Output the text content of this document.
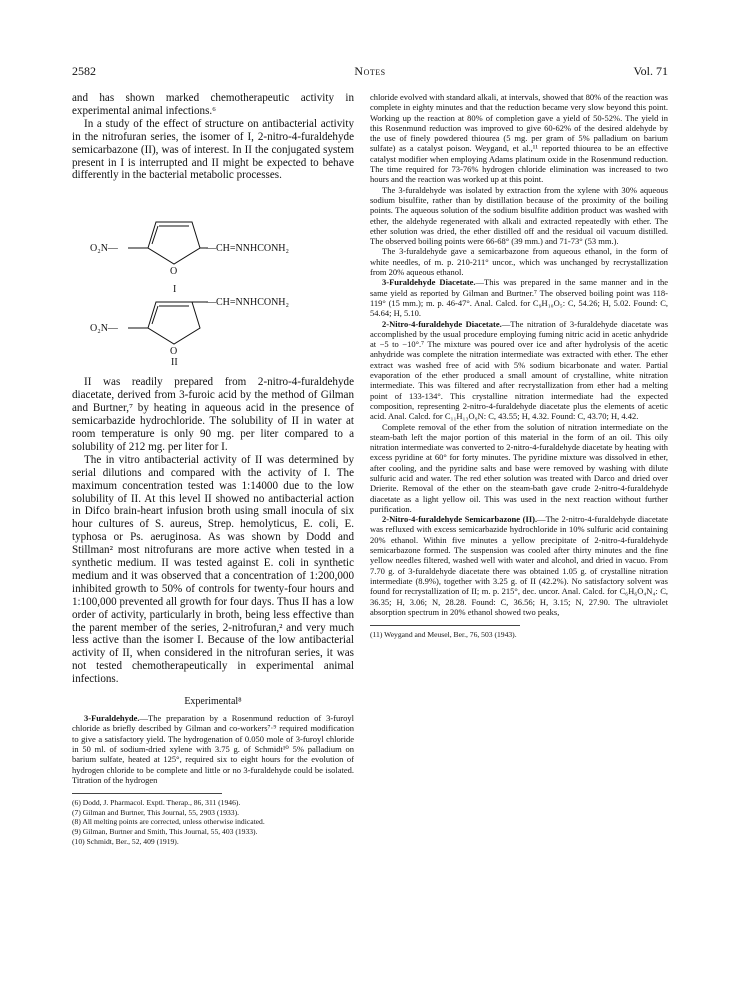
2582	Notes	Vol. 71

and has shown marked chemotherapeutic activity in experimental animal infections.⁶

In a study of the effect of structure on antibacterial activity in the nitrofuran series, the isomer of I, 2-nitro-4-furaldehyde semicarbazone (II), was of interest. In II the conjugated system present in I is interrupted and II might be expected to behave differently in the bacterial metabolic processes.

O₂N—	—CH=NNHCONH₂
O
I
—CH=NNHCONH₂
O₂N—
O
II

II was readily prepared from 2-nitro-4-furaldehyde diacetate, derived from 3-furoic acid by the method of Gilman and Burtner,⁷ by heating in aqueous acid in the presence of semicarbazide hydrochloride. The solubility of II in water at room temperature is only 90 mg. per liter compared to a solubility of 212 mg. per liter for I.

The in vitro antibacterial activity of II was determined by serial dilutions and compared with the activity of I. The maximum concentration tested was 1:14000 due to the low solubility of II. At this level II showed no antibacterial action in Difco brain-heart infusion broth using small inocula of six hour cultures of S. aureus, Strep. hemolyticus, E. coli, E. typhosa or Ps. aeruginosa. As was shown by Dodd and Stillman² most nitrofurans are more active when tested in a synthetic medium. II was tested against E. coli in synthetic medium and it was observed that a concentration of 1:200,000 inhibited growth to 50% of controls for twenty-four hours and 1:100,000 prevented all growth for four days. Thus II has a low order of activity, particularly in broth, being less effective than the parent member of the series, 2-nitrofuran,² and very much less active than the isomer I. Because of the low antibacterial activity of II, when considered in the nitrofuran series, it was not tested chemotherapeutically in experimental animal infections.

Experimental⁸

3-Furaldehyde.—The preparation by a Rosenmund reduction of 3-furoyl chloride as briefly described by Gilman and co-workers⁷·⁹ required modification to give a satisfactory yield. The hydrogenation of 0.050 mole of 3-furoyl chloride in 50 ml. of sodium-dried xylene with 3.75 g. of Schmidt¹⁰ 5% palladium on barium sulfate, heated at 125°, required six to eight hours for the evolution of hydrogen chloride to be complete and little or no 3-furaldehyde could be isolated. Titration of the hydrogen

(6) Dodd, J. Pharmacol. Exptl. Therap., 86, 311 (1946).
(7) Gilman and Burtner, This Journal, 55, 2903 (1933).
(8) All melting points are corrected, unless otherwise indicated.
(9) Gilman, Burtner and Smith, This Journal, 55, 403 (1933).
(10) Schmidt, Ber., 52, 409 (1919).

chloride evolved with standard alkali, at intervals, showed that 80% of the reaction was complete in eighty minutes and that the reduction became very slow beyond this point. Working up the reaction at 80% of completion gave a yield of 50-52%. The yield in this Rosenmund reduction was improved to give 60-62% of the desired aldehyde by the use of finely powdered thiourea (5 mg. per gram of 5% palladium on barium sulfate) as a catalyst poison. Weygand, et al.,¹¹ reported thiourea to be an effective catalyst modifier when employing Adams platinum oxide in the Rosenmund reduction. The time required for 73-76% hydrogen chloride elimination was increased to two hours and the reaction was worked up at this point.

The 3-furaldehyde was isolated by extraction from the xylene with 30% aqueous sodium bisulfite, rather than by distillation because of the proximity of the boiling points. The aqueous solution of the sodium bisulfite addition product was washed with ether, the aldehyde regenerated with alkali and extracted repeatedly with ether. The ether solution was dried, the ether distilled off and the residual oil vacuum distilled. The observed boiling points were 66-68° (39 mm.) and 71-73° (53 mm.).

The 3-furaldehyde gave a semicarbazone from aqueous ethanol, in the form of white needles, of m. p. 210-211° uncor., which was unchanged by recrystallization from 20% aqueous ethanol.

3-Furaldehyde Diacetate.—This was prepared in the same manner and in the same yield as reported by Gilman and Burtner.⁷ The observed boiling point was 118-119° (15 mm.); m. p. 46-47°. Anal. Calcd. for C₉H₁₀O₅: C, 54.26; H, 5.02. Found: C, 54.64; H, 5.10.

2-Nitro-4-furaldehyde Diacetate.—The nitration of 3-furaldehyde diacetate was accomplished by the usual procedure employing fuming nitric acid in acetic anhydride at −5 to −10°.⁷ The mixture was poured over ice and after hydrolysis of the acetic anhydride was complete the nitration intermediate was extracted with ether. The ether extract was washed free of acid with 5% sodium bicarbonate and water. Partial evaporation of the ether produced a small amount of crystalline, white nitration intermediate. This was filtered and after recrystallization from ether had a melting point of 133-134°. This crystalline nitration intermediate had the expected composition, representing 2-nitro-4-furaldehyde diacetate plus the elements of acetic acid. Anal. Calcd. for C₁₁H₁₃O₉N: C, 43.55; H, 4.32. Found: C, 43.70; H, 4.42.

Complete removal of the ether from the solution of nitration intermediate on the steam-bath left the major portion of this material in the form of an oil. This oily nitration intermediate was converted to 2-nitro-4-furaldehyde diacetate by heating with excess pyridine at 60° for forty minutes. The pyridine mixture was dissolved in ether, after cooling, and the pyridine salts and base were removed by washing with dilute sulfuric acid and water. The red ether solution was treated with Darco and dried over Drierite. Removal of the ether on the steam-bath gave crude 2-nitro-4-furaldehyde diacetate as a light yellow oil. This was used in the next reaction without further purification.

2-Nitro-4-furaldehyde Semicarbazone (II).—The 2-nitro-4-furaldehyde diacetate was refluxed with excess semicarbazide hydrochloride in 10% sulfuric acid containing 20% ethanol. Within five minutes a yellow precipitate of 2-nitro-4-furaldehyde semicarbazone formed. The suspension was cooled after thirty minutes and the fine yellow needles filtered, washed well with water and alcohol, and dried in vacuo. From 7.70 g. of 3-furaldehyde diacetate there was obtained 1.05 g. of crystalline nitration intermediate (8.9%), together with 3.25 g. of II (42.2%). No satisfactory solvent was found for recrystallization of II; m. p. 215°, dec. uncor. Anal. Calcd. for C₆H₆O₄N₄: C, 36.35; H, 3.06; N, 28.28. Found: C, 36.56; H, 3.15; N, 27.90. The ultraviolet absorption spectrum in 20% ethanol showed two peaks,

(11) Weygand and Meusel, Ber., 76, 503 (1943).
